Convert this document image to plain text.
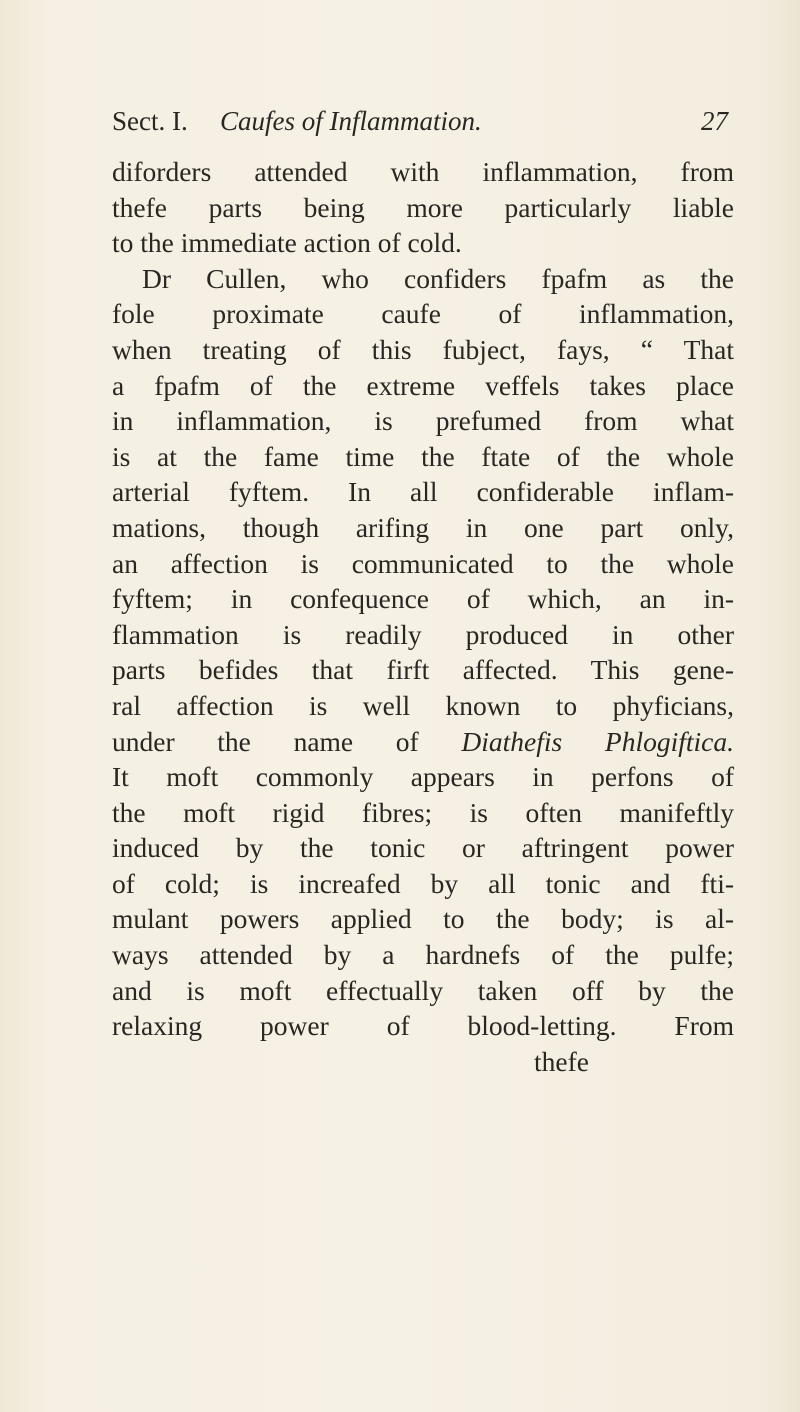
Sect. I. Caufes of Inflammation.	27
diforders attended with inflammation, from
thefe parts being more particularly liable
to the immediate action of cold.
Dr Cullen, who confiders fpafm as the
fole proximate caufe of inflammation,
when treating of this fubject, fays, “ That
a fpafm of the extreme veffels takes place
in inflammation, is prefumed from what
is at the fame time the ftate of the whole
arterial fyftem. In all confiderable inflam-
mations, though arifing in one part only,
an affection is communicated to the whole
fyftem; in confequence of which, an in-
flammation is readily produced in other
parts befides that firft affected. This gene-
ral affection is well known to phyficians,
under the name of Diathefis Phlogiftica.
It moft commonly appears in perfons of
the moft rigid fibres; is often manifeftly
induced by the tonic or aftringent power
of cold; is increafed by all tonic and fti-
mulant powers applied to the body; is al-
ways attended by a hardnefs of the pulfe;
and is moft effectually taken off by the
relaxing power of blood-letting. From
thefe
